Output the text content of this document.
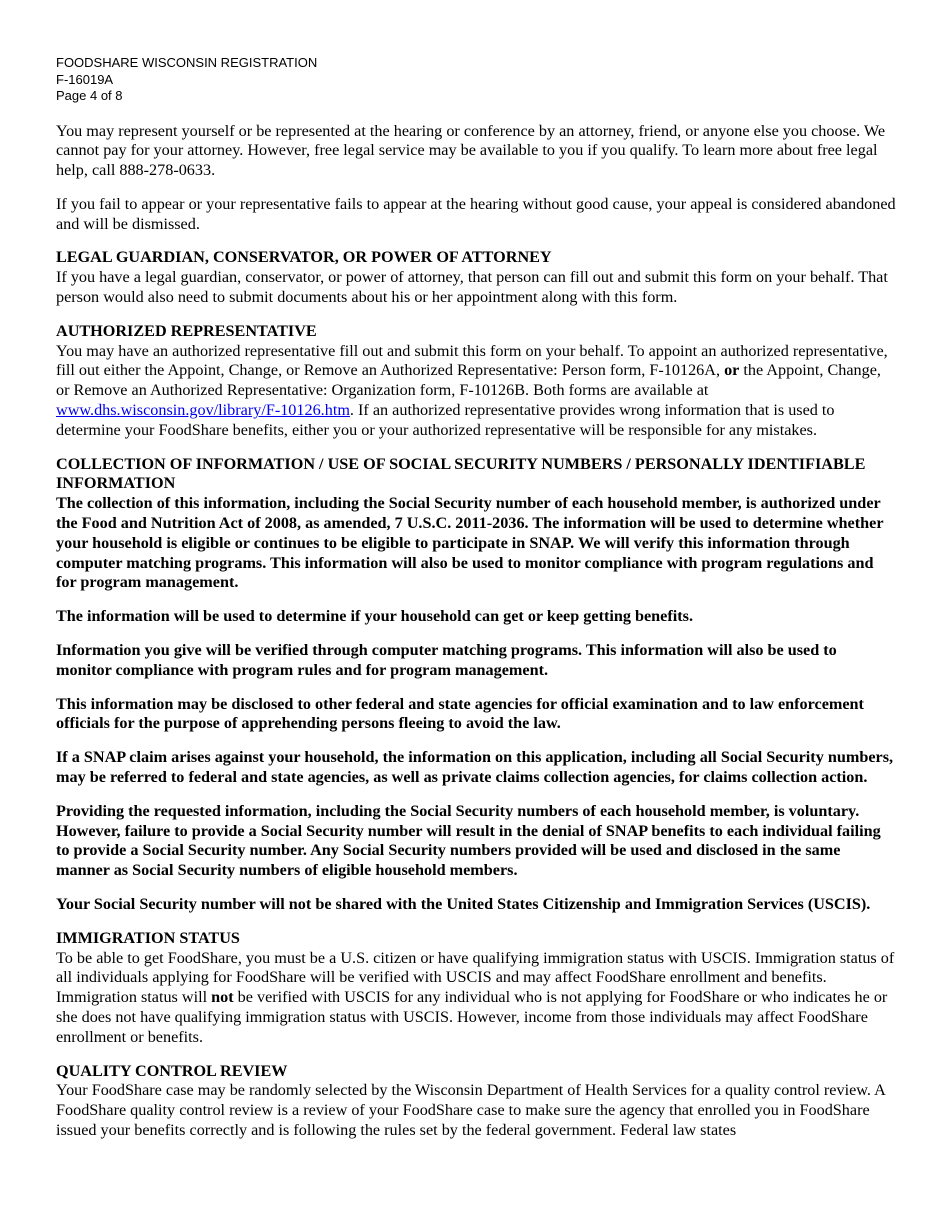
FOODSHARE WISCONSIN REGISTRATION
F-16019A
Page 4 of 8

You may represent yourself or be represented at the hearing or conference by an attorney, friend, or anyone else you choose. We cannot pay for your attorney. However, free legal service may be available to you if you qualify. To learn more about free legal help, call 888-278-0633.

If you fail to appear or your representative fails to appear at the hearing without good cause, your appeal is considered abandoned and will be dismissed.

LEGAL GUARDIAN, CONSERVATOR, OR POWER OF ATTORNEY

If you have a legal guardian, conservator, or power of attorney, that person can fill out and submit this form on your behalf. That person would also need to submit documents about his or her appointment along with this form.

AUTHORIZED REPRESENTATIVE

You may have an authorized representative fill out and submit this form on your behalf. To appoint an authorized representative, fill out either the Appoint, Change, or Remove an Authorized Representative: Person form, F-10126A, or the Appoint, Change, or Remove an Authorized Representative: Organization form, F-10126B. Both forms are available at www.dhs.wisconsin.gov/library/F-10126.htm. If an authorized representative provides wrong information that is used to determine your FoodShare benefits, either you or your authorized representative will be responsible for any mistakes.

COLLECTION OF INFORMATION / USE OF SOCIAL SECURITY NUMBERS / PERSONALLY IDENTIFIABLE INFORMATION

The collection of this information, including the Social Security number of each household member, is authorized under the Food and Nutrition Act of 2008, as amended, 7 U.S.C. 2011-2036. The information will be used to determine whether your household is eligible or continues to be eligible to participate in SNAP. We will verify this information through computer matching programs. This information will also be used to monitor compliance with program regulations and for program management.

The information will be used to determine if your household can get or keep getting benefits.

Information you give will be verified through computer matching programs. This information will also be used to monitor compliance with program rules and for program management.

This information may be disclosed to other federal and state agencies for official examination and to law enforcement officials for the purpose of apprehending persons fleeing to avoid the law.

If a SNAP claim arises against your household, the information on this application, including all Social Security numbers, may be referred to federal and state agencies, as well as private claims collection agencies, for claims collection action.

Providing the requested information, including the Social Security numbers of each household member, is voluntary. However, failure to provide a Social Security number will result in the denial of SNAP benefits to each individual failing to provide a Social Security number. Any Social Security numbers provided will be used and disclosed in the same manner as Social Security numbers of eligible household members.

Your Social Security number will not be shared with the United States Citizenship and Immigration Services (USCIS).

IMMIGRATION STATUS

To be able to get FoodShare, you must be a U.S. citizen or have qualifying immigration status with USCIS. Immigration status of all individuals applying for FoodShare will be verified with USCIS and may affect FoodShare enrollment and benefits. Immigration status will not be verified with USCIS for any individual who is not applying for FoodShare or who indicates he or she does not have qualifying immigration status with USCIS. However, income from those individuals may affect FoodShare enrollment or benefits.

QUALITY CONTROL REVIEW

Your FoodShare case may be randomly selected by the Wisconsin Department of Health Services for a quality control review. A FoodShare quality control review is a review of your FoodShare case to make sure the agency that enrolled you in FoodShare issued your benefits correctly and is following the rules set by the federal government. Federal law states
